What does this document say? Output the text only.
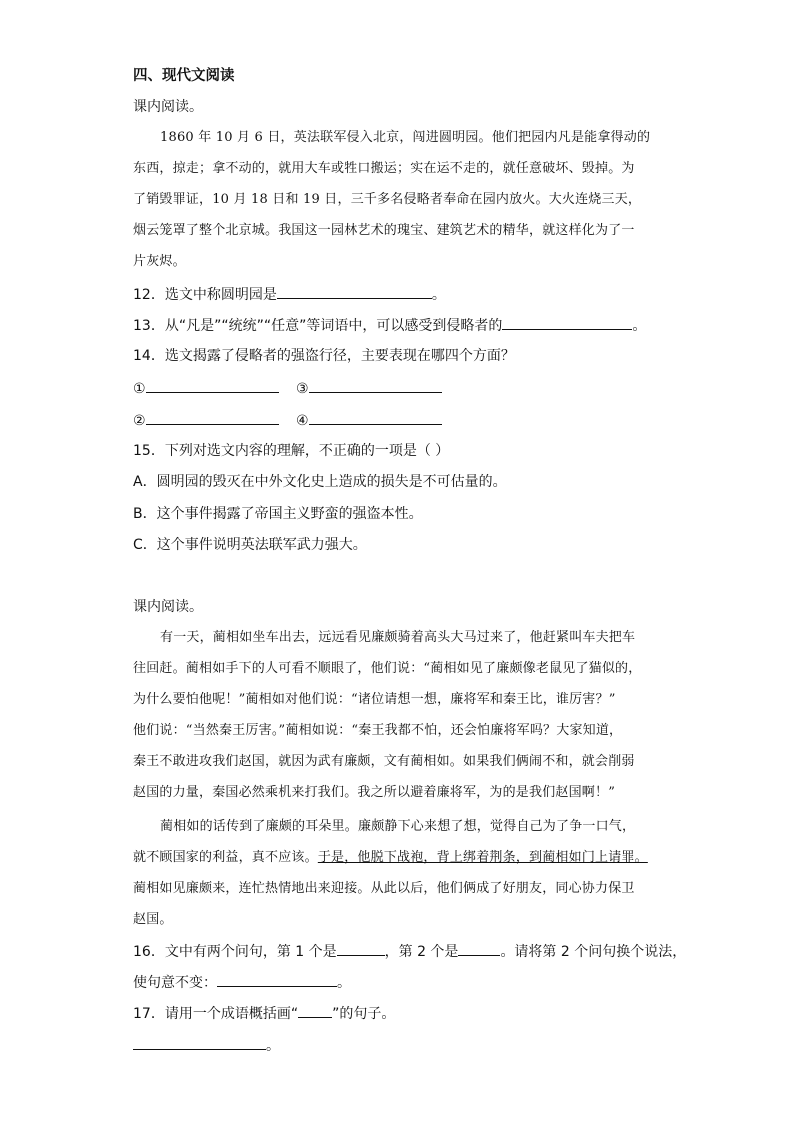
四、现代文阅读
课内阅读。
1860 年 10 月 6 日，英法联军侵入北京，闯进圆明园。他们把园内凡是能拿得动的
东西，掠走；拿不动的，就用大车或牲口搬运；实在运不走的，就任意破坏、毁掉。为
了销毁罪证，10 月 18 日和 19 日，三千多名侵略者奉命在园内放火。大火连烧三天，
烟云笼罩了整个北京城。我国这一园林艺术的瑰宝、建筑艺术的精华，就这样化为了一
片灰烬。
12．选文中称圆明园是	。
13．从“凡是”“统统”“任意”等词语中，可以感受到侵略者的	。
14．选文揭露了侵略者的强盗行径，主要表现在哪四个方面？
①	③
②	④
15．下列对选文内容的理解，不正确的一项是（ ）
A．圆明园的毁灭在中外文化史上造成的损失是不可估量的。
B．这个事件揭露了帝国主义野蛮的强盗本性。
C．这个事件说明英法联军武力强大。
课内阅读。
有一天，蔺相如坐车出去，远远看见廉颇骑着高头大马过来了，他赶紧叫车夫把车
往回赶。蔺相如手下的人可看不顺眼了，他们说：“蔺相如见了廉颇像老鼠见了猫似的，
为什么要怕他呢！”蔺相如对他们说：“诸位请想一想，廉将军和秦王比，谁厉害？”
他们说：“当然秦王厉害。”蔺相如说：“秦王我都不怕，还会怕廉将军吗？大家知道，
秦王不敢进攻我们赵国，就因为武有廉颇，文有蔺相如。如果我们俩闹不和，就会削弱
赵国的力量，秦国必然乘机来打我们。我之所以避着廉将军，为的是我们赵国啊！”
蔺相如的话传到了廉颇的耳朵里。廉颇静下心来想了想，觉得自己为了争一口气，
就不顾国家的利益，真不应该。于是，他脱下战袍，背上绑着荆条，到蔺相如门上请罪。
蔺相如见廉颇来，连忙热情地出来迎接。从此以后，他们俩成了好朋友，同心协力保卫
赵国。
16．文中有两个问句，第 1 个是	，第 2 个是	。请将第 2 个问句换个说法，
使句意不变：	。
17．请用一个成语概括画“ ”的句子。
。
